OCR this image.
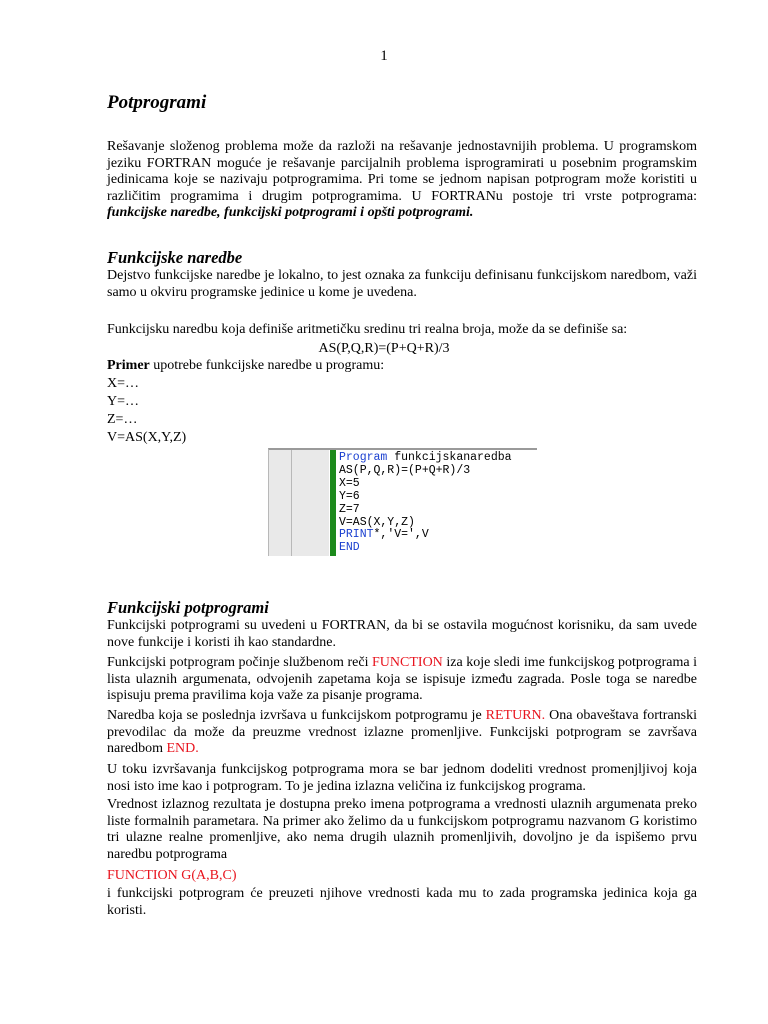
1
Potprogrami
Rešavanje složenog problema može da razloži na rešavanje jednostavnijih problema. U programskom jeziku FORTRAN moguće je rešavanje parcijalnih problema isprogramirati u posebnim programskim jedinicama koje se nazivaju potprogramima. Pri tome se jednom napisan potprogram može koristiti u različitim programima i drugim potprogramima. U FORTRANu postoje tri vrste potprograma: funkcijske naredbe, funkcijski potprogrami i opšti potprogrami.
Funkcijske naredbe
Dejstvo funkcijske naredbe je lokalno, to jest oznaka za funkciju definisanu funkcijskom naredbom, važi samo u okviru programske jedinice u kome je uvedena.
Funkcijsku naredbu koja definiše aritmetičku sredinu tri realna broja, može da se definiše sa:
AS(P,Q,R)=(P+Q+R)/3
Primer upotrebe funkcijske naredbe u programu:
X=…
Y=…
Z=…
V=AS(X,Y,Z)
Program funkcijskanaredba
AS(P,Q,R)=(P+Q+R)/3
X=5
Y=6
Z=7
V=AS(X,Y,Z)
PRINT*,'V=',V
END
Funkcijski potprogrami
Funkcijski potprogrami su uvedeni u FORTRAN, da bi se ostavila mogućnost korisniku, da sam uvede nove funkcije i koristi ih kao standardne.
Funkcijski potprogram počinje službenom reči FUNCTION iza koje sledi ime funkcijskog potprograma i lista ulaznih argumenata, odvojenih zapetama koja se ispisuje između zagrada. Posle toga se naredbe ispisuju prema pravilima koja važe za pisanje programa.
Naredba koja se poslednja izvršava u funkcijskom potprogramu je RETURN. Ona obaveštava fortranski prevodilac da može da preuzme vrednost izlazne promenljive. Funkcijski potprogram se završava naredbom END.
U toku izvršavanja funkcijskog potprograma mora se bar jednom dodeliti vrednost promenjljivoj koja nosi isto ime kao i potprogram. To je jedina izlazna veličina iz funkcijskog programa.
Vrednost izlaznog rezultata je dostupna preko imena potprograma a vrednosti ulaznih argumenata preko liste formalnih parametara. Na primer ako želimo da u funkcijskom potprogramu nazvanom G koristimo tri ulazne realne promenljive, ako nema drugih ulaznih promenljivih, dovoljno je da ispišemo prvu naredbu potprograma
FUNCTION G(A,B,C)
i funkcijski potprogram će preuzeti njihove vrednosti kada mu to zada programska jedinica koja ga koristi.
